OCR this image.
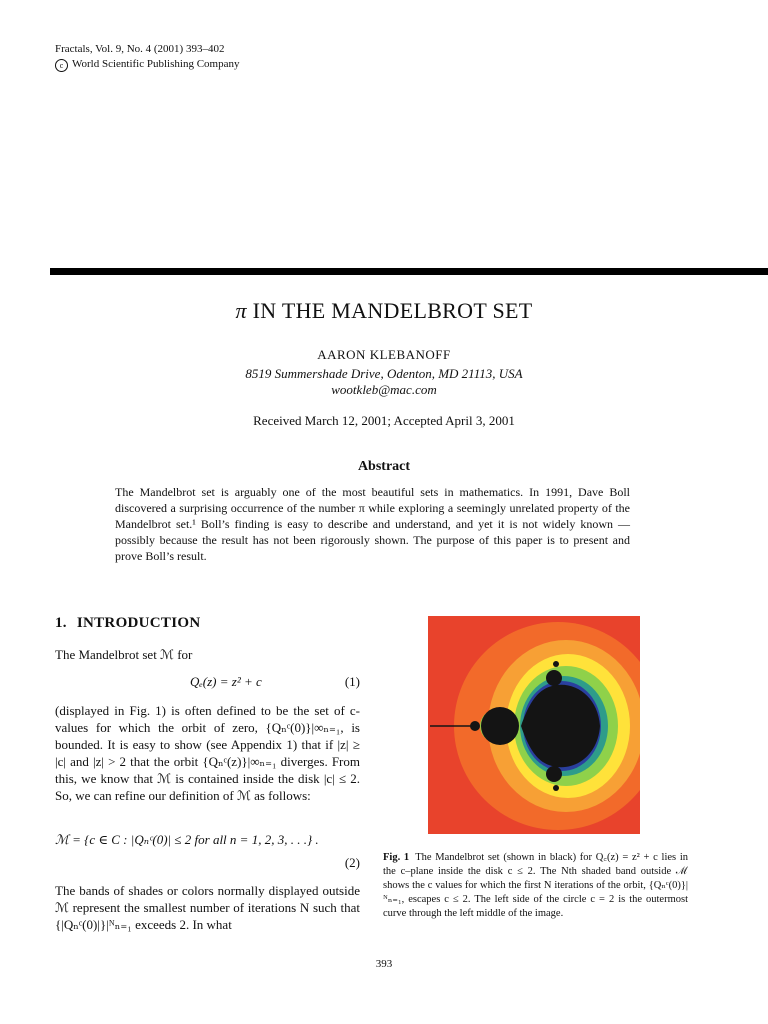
Fractals, Vol. 9, No. 4 (2001) 393–402
c World Scientific Publishing Company
π IN THE MANDELBROT SET
AARON KLEBANOFF
8519 Summershade Drive, Odenton, MD 21113, USA
wootkleb@mac.com
Received March 12, 2001; Accepted April 3, 2001
Abstract
The Mandelbrot set is arguably one of the most beautiful sets in mathematics. In 1991, Dave Boll discovered a surprising occurrence of the number π while exploring a seemingly unrelated property of the Mandelbrot set.¹ Boll’s finding is easy to describe and understand, and yet it is not widely known — possibly because the result has not been rigorously shown. The purpose of this paper is to present and prove Boll’s result.
1. INTRODUCTION
The Mandelbrot set ℳ for
Qₑ(z) = z² + c	(1)
(displayed in Fig. 1) is often defined to be the set of c-values for which the orbit of zero, {Qₙᶜ(0)}|∞ₙ₌₁, is bounded. It is easy to show (see Appendix 1) that if |z| ≥ |c| and |z| > 2 that the orbit {Qₙᶜ(z)}|∞ₙ₌₁ diverges. From this, we know that ℳ is contained inside the disk |c| ≤ 2. So, we can refine our definition of ℳ as follows:
ℳ = {c ∈ C : |Qₙᶜ(0)| ≤ 2 for all n = 1, 2, 3, . . .} .
(2)
The bands of shades or colors normally displayed outside ℳ represent the smallest number of iterations N such that {|Qₙᶜ(0)|}|ᴺₙ₌₁ exceeds 2. In what
Fig. 1 The Mandelbrot set (shown in black) for Q꜀(z) = z² + c lies in the c–plane inside the disk c ≤ 2. The Nth shaded band outside ℳ shows the c values for which the first N iterations of the orbit, {Qₙᶜ(0)}|ᴺₙ₌₁, escapes c ≤ 2. The left side of the circle c = 2 is the outermost curve through the left middle of the image.
393
